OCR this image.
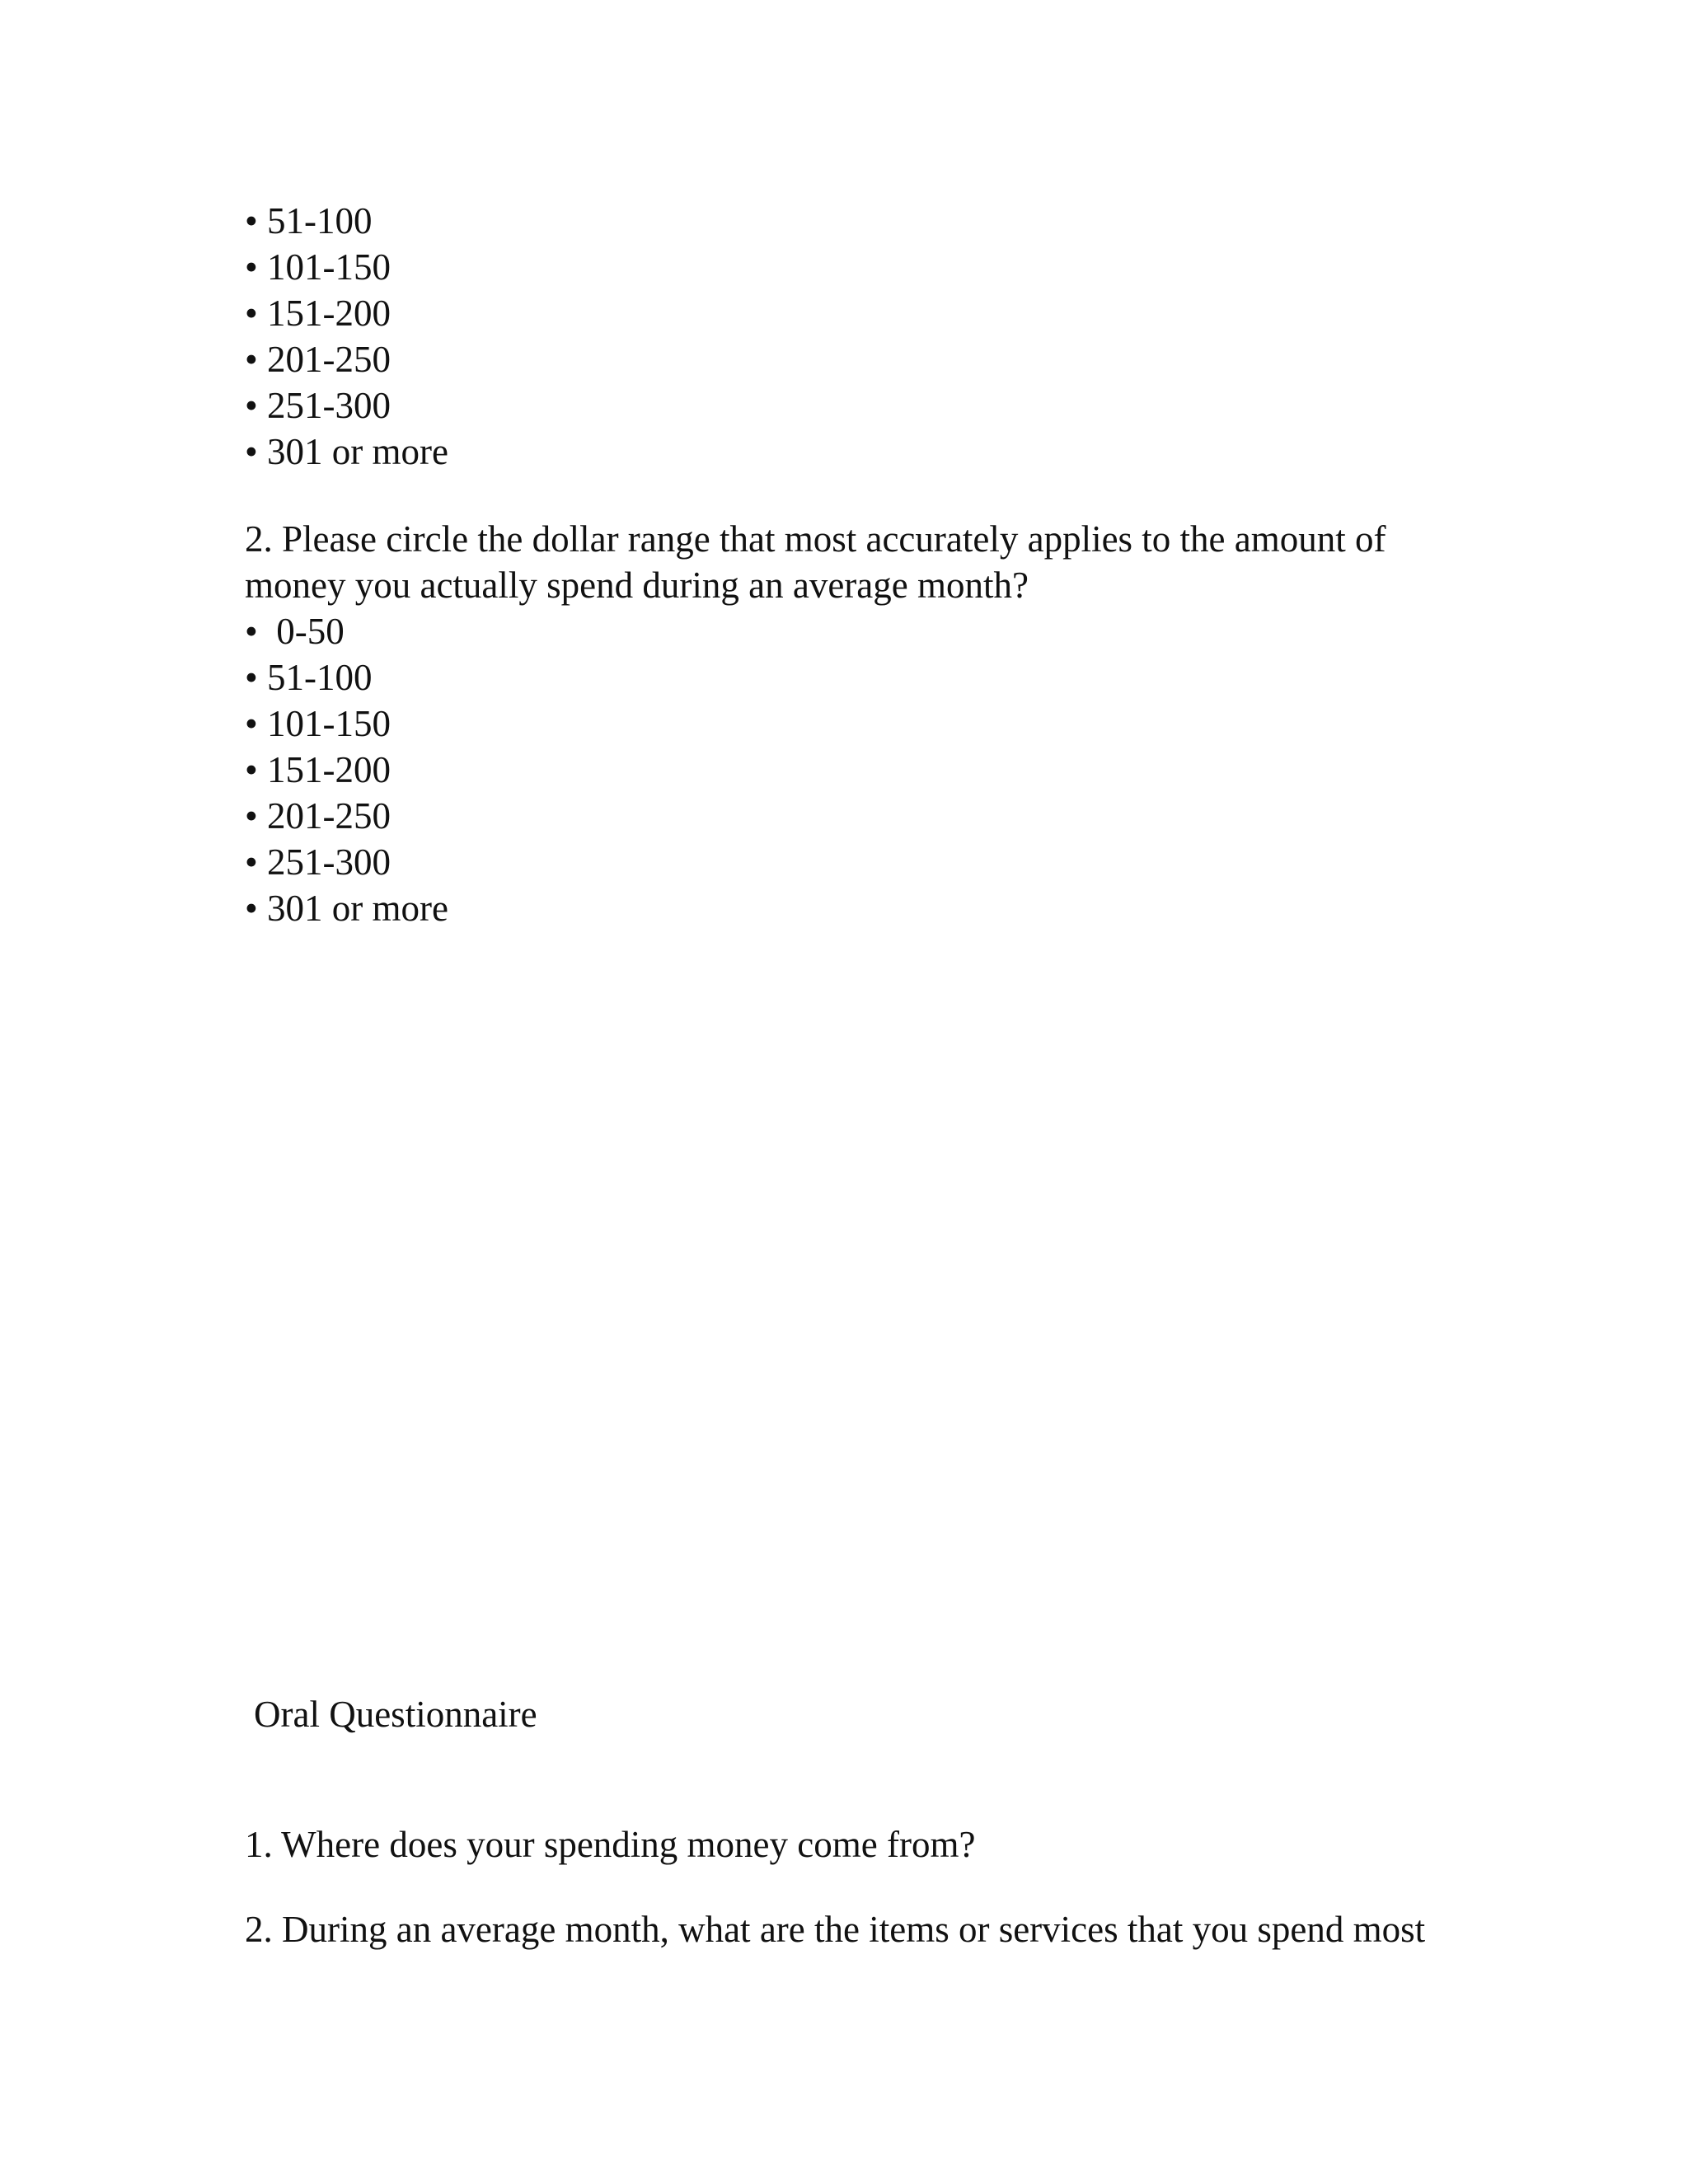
• 51-100
• 101-150
• 151-200
• 201-250
• 251-300
• 301 or more

2. Please circle the dollar range that most accurately applies to the amount of money you actually spend during an average month?

•  0-50
• 51-100
• 101-150
• 151-200
• 201-250
• 251-300
• 301 or more
Oral Questionnaire

1. Where does your spending money come from?

2. During an average month, what are the items or services that you spend most
